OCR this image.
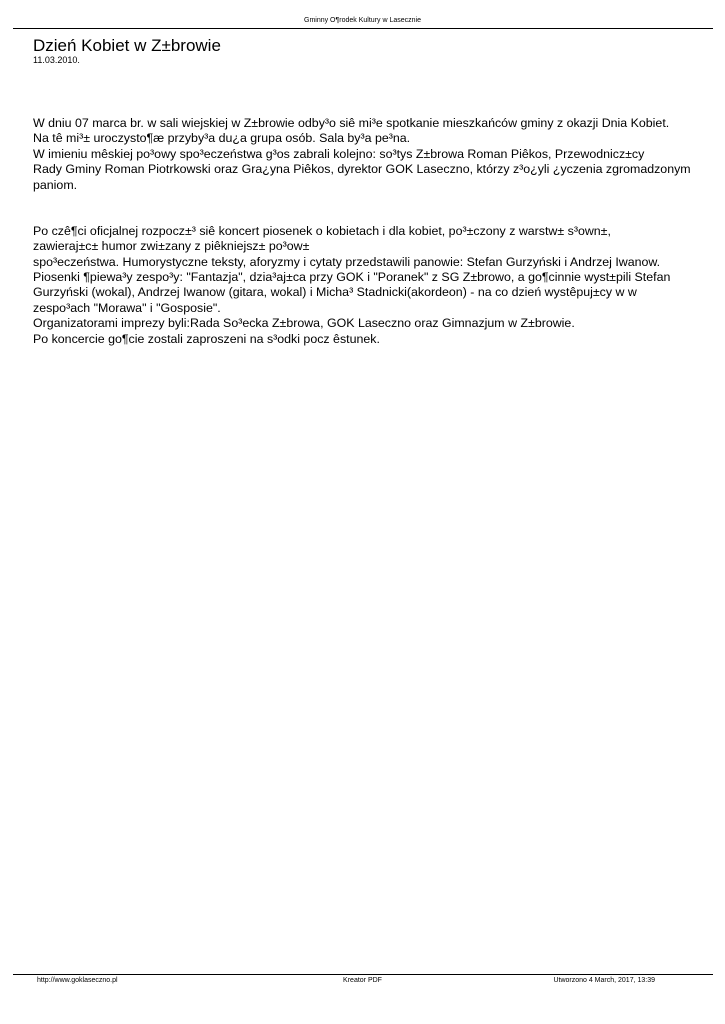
Gminny O¶rodek Kultury w Lasecznie
Dzień Kobiet w Z±browie
11.03.2010.
W dniu 07 marca br. w sali wiejskiej w Z±browie odby³o siê mi³e spotkanie mieszkańców gminy z okazji Dnia Kobiet.
Na tê mi³± uroczysto¶æ przyby³a du¿a grupa osób. Sala by³a pe³na.
W imieniu mêskiej po³owy spo³eczeństwa g³os zabrali kolejno: so³tys Z±browa Roman Piêkos, Przewodnicz±cy
Rady Gminy Roman Piotrkowski oraz Gra¿yna Piêkos, dyrektor GOK Laseczno, którzy z³o¿yli ¿yczenia zgromadzonym
paniom.
Po czê¶ci oficjalnej rozpocz±³ siê koncert piosenek o kobietach i dla kobiet, po³±czony z warstw± s³own±,
zawieraj±c± humor zwi±zany z piêkniejsz± po³ow±
spo³eczeństwa. Humorystyczne teksty, aforyzmy i cytaty przedstawili panowie: Stefan Gurzyński i Andrzej Iwanow.
Piosenki ¶piewa³y zespo³y: "Fantazja", dzia³aj±ca przy GOK i "Poranek" z SG Z±browo, a go¶cinnie wyst±pili Stefan
Gurzyński (wokal), Andrzej Iwanow (gitara, wokal) i Micha³ Stadnicki(akordeon) - na co dzień wystêpuj±cy w w
zespo³ach "Morawa" i "Gosposie".
Organizatorami imprezy byli:Rada So³ecka Z±browa, GOK Laseczno oraz Gimnazjum w Z±browie.
Po koncercie go¶cie zostali zaproszeni na s³odki pocz êstunek.
http://www.goklaseczno.pl	Kreator PDF	Utworzono 4 March, 2017, 13:39
